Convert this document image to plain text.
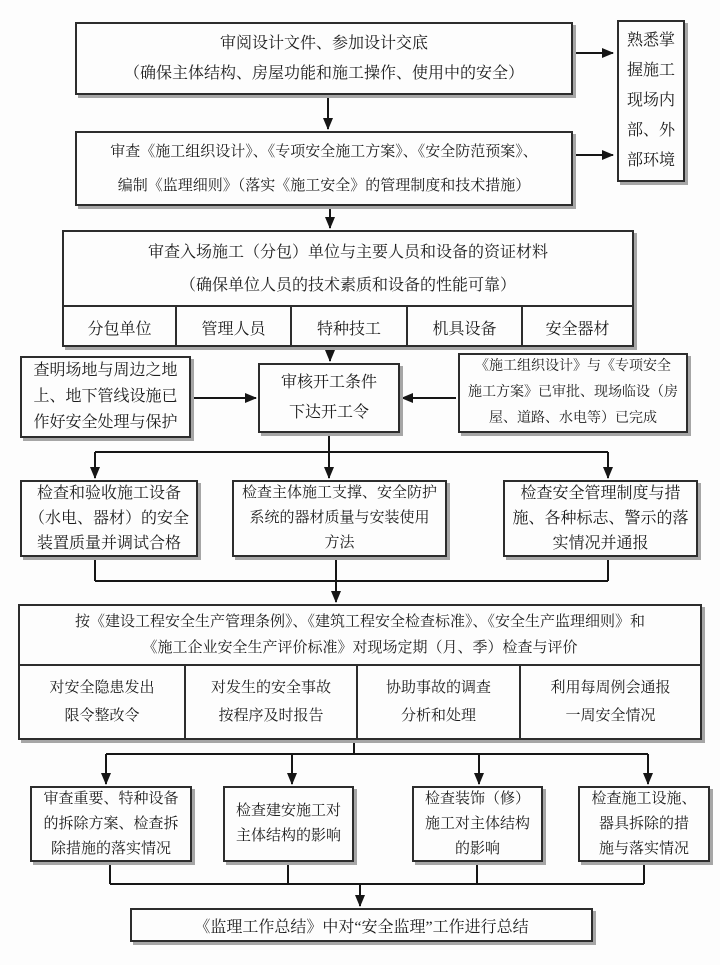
审阅设计文件、参加设计交底
（确保主体结构、房屋功能和施工操作、使用中的安全）
熟悉掌
握施工
现场内
部、外
部环境
审查《施工组织设计》、《专项安全施工方案》、《安全防范预案》、
编制《监理细则》（落实《施工安全》的管理制度和技术措施）
审查入场施工（分包）单位与主要人员和设备的资证材料
（确保单位人员的技术素质和设备的性能可靠）
分包单位	管理人员	特种技工	机具设备	安全器材
查明场地与周边之地
上、地下管线设施已
作好安全处理与保护
审核开工条件
下达开工令
《施工组织设计》与《专项安全
施工方案》已审批、现场临设（房
屋、道路、水电等）已完成
检查和验收施工设备
（水电、器材）的安全
装置质量并调试合格
检查主体施工支撑、安全防护
系统的器材质量与安装使用
方法
检查安全管理制度与措
施、各种标志、警示的落
实情况并通报
按《建设工程安全生产管理条例》、《建筑工程安全检查标准》、《安全生产监理细则》和
《施工企业安全生产评价标准》对现场定期（月、季）检查与评价
对安全隐患发出
限令整改令
对发生的安全事故
按程序及时报告
协助事故的调查
分析和处理
利用每周例会通报
一周安全情况
审查重要、特种设备
的拆除方案、检查拆
除措施的落实情况
检查建安施工对
主体结构的影响
检查装饰（修）
施工对主体结构
的影响
检查施工设施、
器具拆除的措
施与落实情况
《监理工作总结》中对“安全监理”工作进行总结
